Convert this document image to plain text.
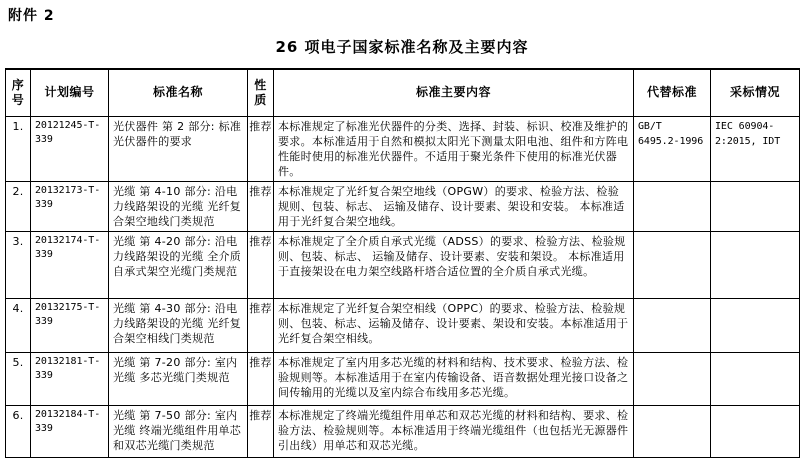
附件 2
26 项电子国家标准名称及主要内容
序号	计划编号	标准名称	性质	标准主要内容	代替标准	采标情况
1.	20121245-T-339	光伏器件 第 2 部分: 标准光伏器件的要求	推荐	本标准规定了标准光伏器件的分类、选择、封装、标识、校准及维护的要求。本标准适用于自然和模拟太阳光下测量太阳电池、组件和方阵电性能时使用的标准光伏器件。不适用于聚光条件下使用的标准光伏器件。	GB/T 6495.2-1996	IEC 60904-2:2015, IDT
2.	20132173-T-339	光缆 第 4-10 部分: 沿电力线路架设的光缆 光纤复合架空地线门类规范	推荐	本标准规定了光纤复合架空地线（OPGW）的要求、检验方法、检验规则、包装、标志、 运输及储存、设计要素、架设和安装。 本标准适用于光纤复合架空地线。		
3.	20132174-T-339	光缆 第 4-20 部分: 沿电力线路架设的光缆 全介质自承式架空光缆门类规范	推荐	本标准规定了全介质自承式光缆（ADSS）的要求、检验方法、检验规则、包装、标志、 运输及储存、设计要素、安装和架设。 本标准适用于直接架设在电力架空线路杆塔合适位置的全介质自承式光缆。		
4.	20132175-T-339	光缆 第 4-30 部分: 沿电力线路架设的光缆 光纤复合架空相线门类规范	推荐	本标准规定了光纤复合架空相线（OPPC）的要求、检验方法、检验规则、包装、标志、运输及储存、设计要素、架设和安装。本标准适用于光纤复合架空相线。		
5.	20132181-T-339	光缆 第 7-20 部分: 室内光缆 多芯光缆门类规范	推荐	本标准规定了室内用多芯光缆的材料和结构、技术要求、检验方法、检验规则等。本标准适用于在室内传输设备、语音数据处理光接口设备之间传输用的光缆以及室内综合布线用多芯光缆。		
6.	20132184-T-339	光缆 第 7-50 部分: 室内光缆 终端光缆组件用单芯和双芯光缆门类规范	推荐	本标准规定了终端光缆组件用单芯和双芯光缆的材料和结构、要求、检验方法、检验规则等。本标准适用于终端光缆组件（也包括光无源器件引出线）用单芯和双芯光缆。		
